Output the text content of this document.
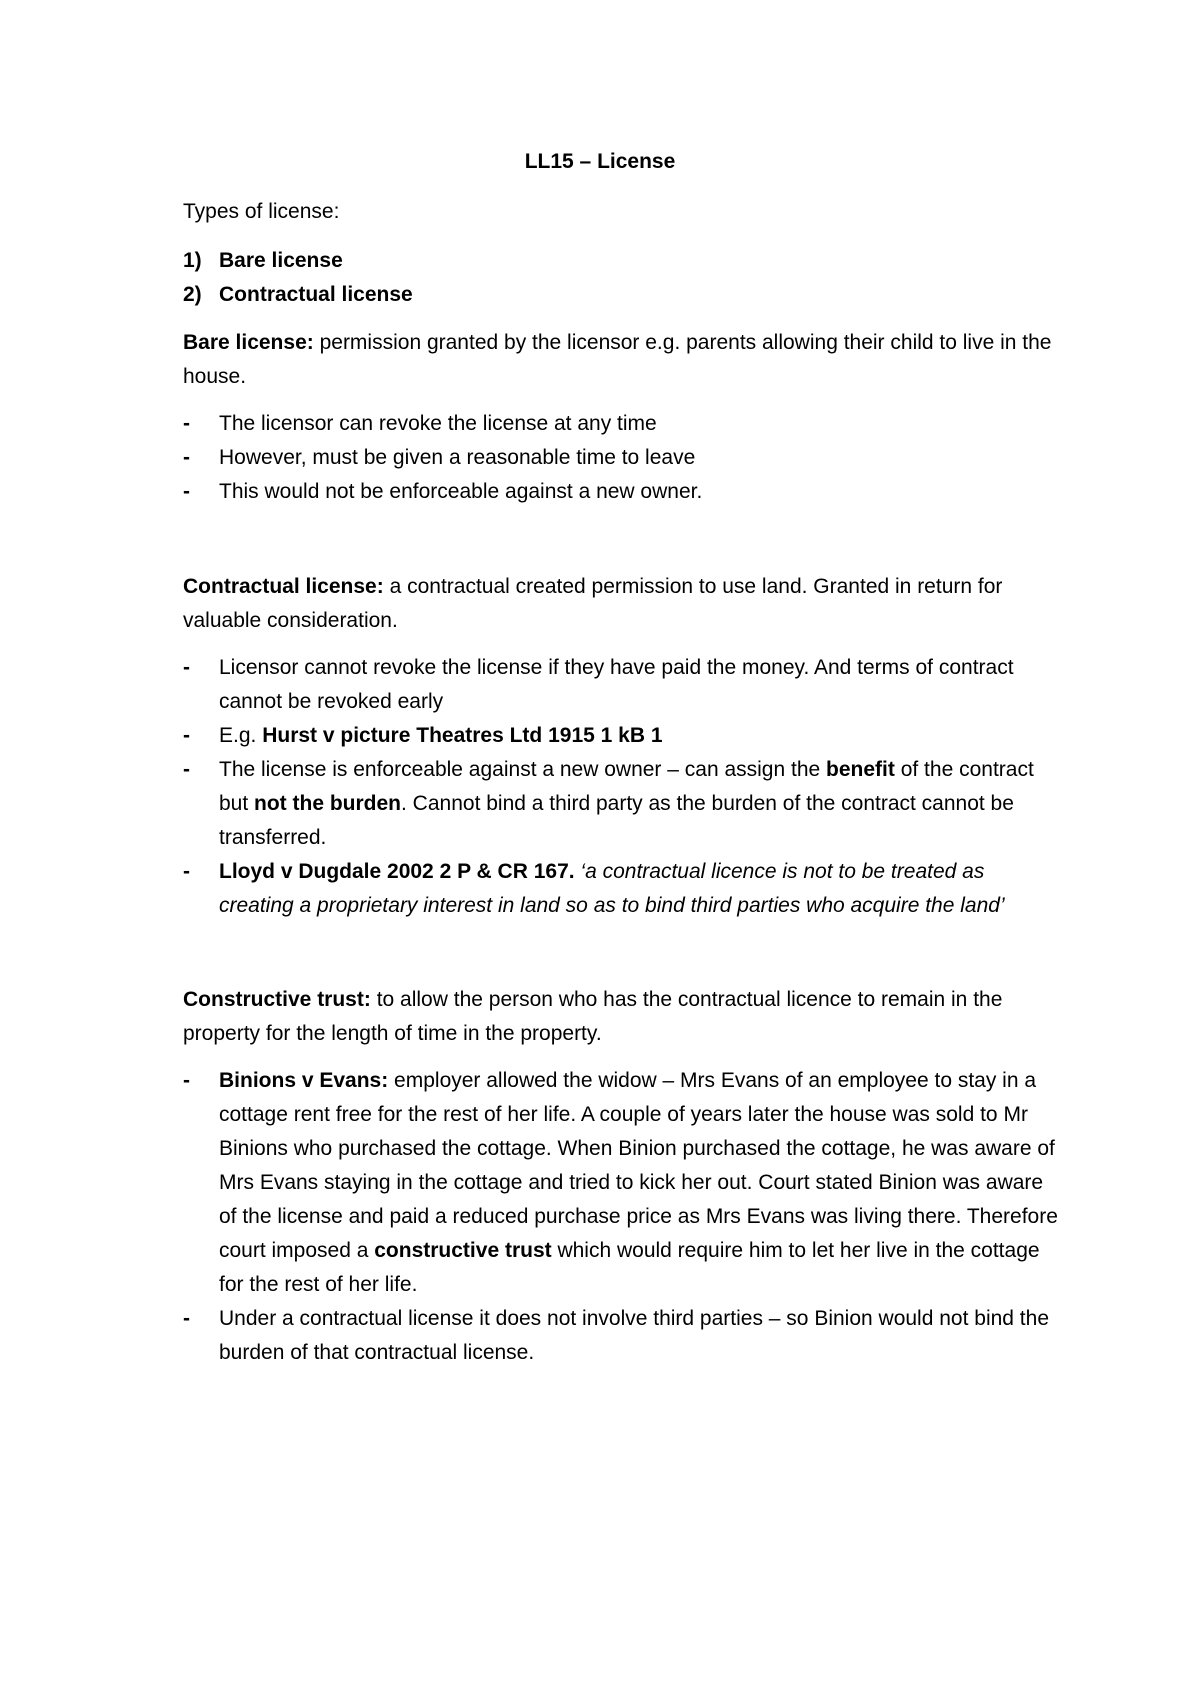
LL15 – License
Types of license:
1) Bare license
2) Contractual license

Bare license: permission granted by the licensor e.g. parents allowing their child to live in the house.

- The licensor can revoke the license at any time
- However, must be given a reasonable time to leave
- This would not be enforceable against a new owner.

Contractual license: a contractual created permission to use land. Granted in return for valuable consideration.

- Licensor cannot revoke the license if they have paid the money. And terms of contract cannot be revoked early
- E.g. Hurst v picture Theatres Ltd 1915 1 kB 1
- The license is enforceable against a new owner – can assign the benefit of the contract but not the burden. Cannot bind a third party as the burden of the contract cannot be transferred.
- Lloyd v Dugdale 2002 2 P & CR 167. ‘a contractual licence is not to be treated as creating a proprietary interest in land so as to bind third parties who acquire the land’

Constructive trust: to allow the person who has the contractual licence to remain in the property for the length of time in the property.

- Binions v Evans: employer allowed the widow – Mrs Evans of an employee to stay in a cottage rent free for the rest of her life. A couple of years later the house was sold to Mr Binions who purchased the cottage. When Binion purchased the cottage, he was aware of Mrs Evans staying in the cottage and tried to kick her out. Court stated Binion was aware of the license and paid a reduced purchase price as Mrs Evans was living there. Therefore court imposed a constructive trust which would require him to let her live in the cottage for the rest of her life.
- Under a contractual license it does not involve third parties – so Binion would not bind the burden of that contractual license.
